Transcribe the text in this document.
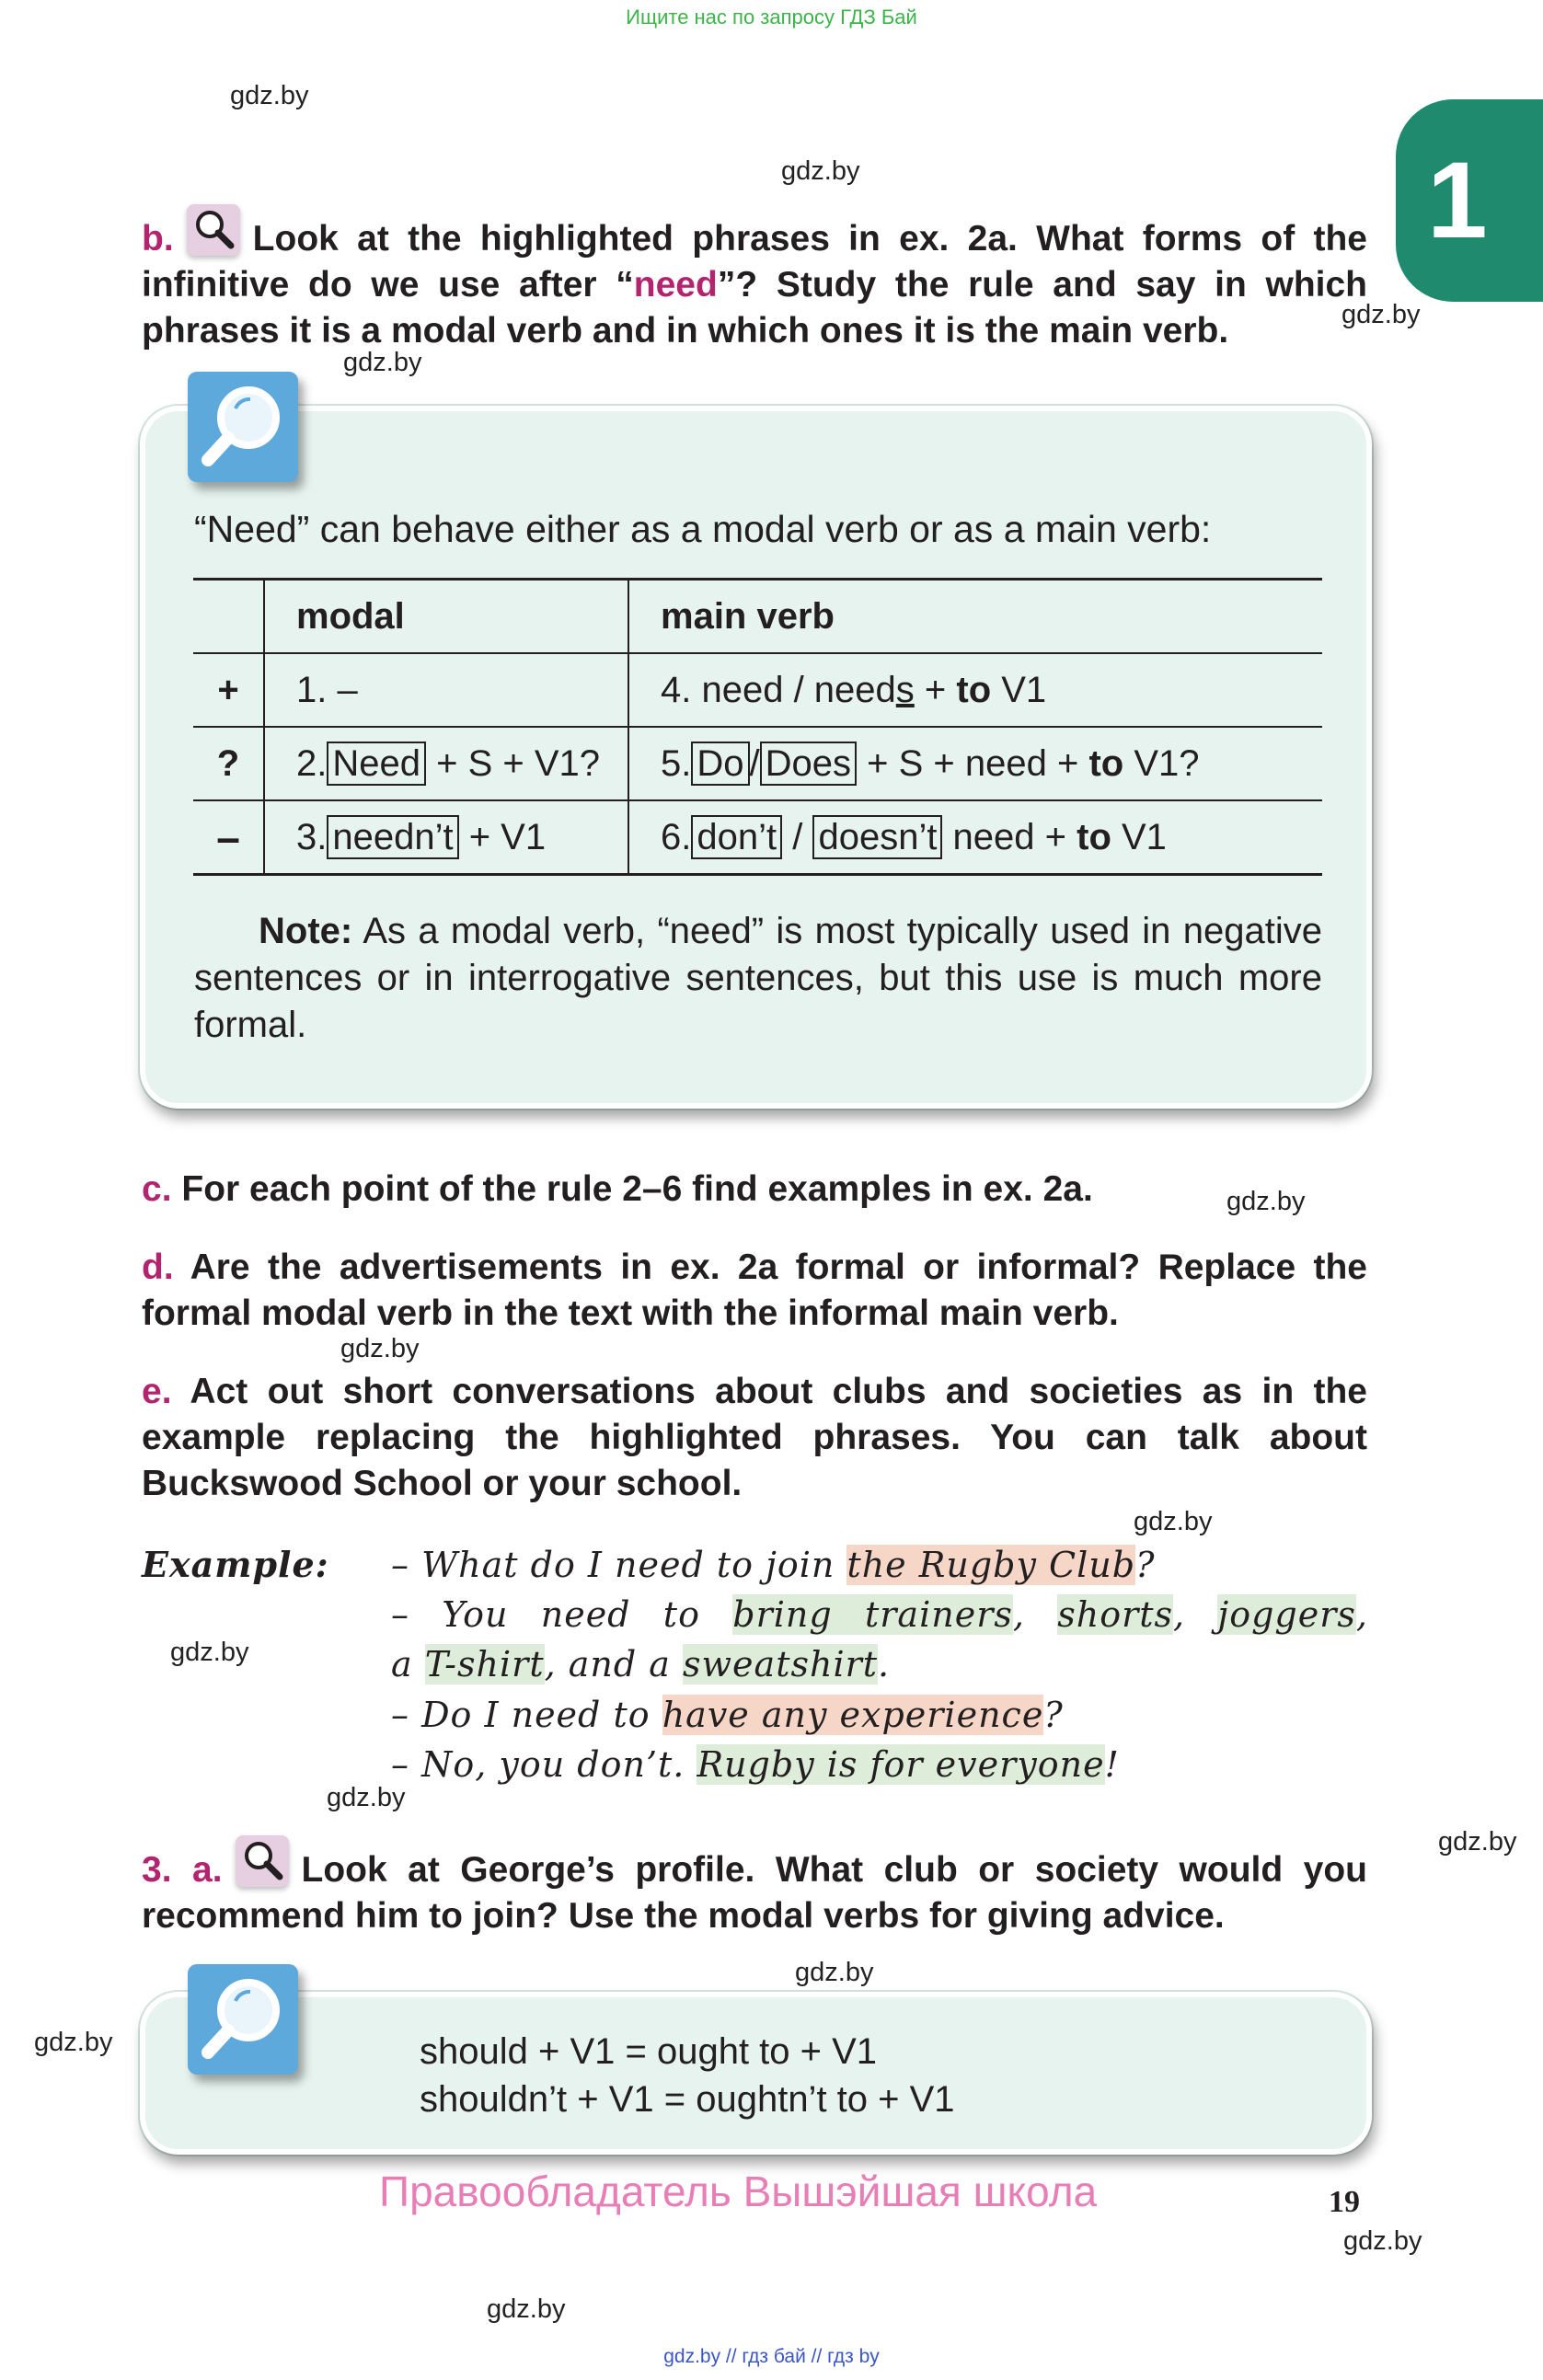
Ищите нас по запросу ГДЗ Бай
gdz.by
gdz.by
gdz.by
gdz.by
gdz.by
gdz.by
gdz.by
gdz.by
gdz.by
gdz.by
gdz.by
gdz.by
gdz.by
gdz.by
1
b. Look at the highlighted phrases in ex. 2a. What forms of the infinitive do we use after “need”? Study the rule and say in which phrases it is a modal verb and in which ones it is the main verb.
“Need” can behave either as a modal verb or as a main verb:
	modal	main verb
+	1. –	4. need / needs + to V1
?	2. Need + S + V1?	5. Do / Does + S + need + to V1?
–	3. needn’t + V1	6. don’t / doesn’t need + to V1
Note: As a modal verb, “need” is most typically used in negative sentences or in interrogative sentences, but this use is much more formal.
c. For each point of the rule 2–6 find examples in ex. 2a.
d. Are the advertisements in ex. 2a formal or informal? Replace the formal modal verb in the text with the informal main verb.
e. Act out short conversations about clubs and societies as in the example replacing the highlighted phrases. You can talk about Buckswood School or your school.
Example: – What do I need to join the Rugby Club?
– You need to bring trainers, shorts, joggers,
a T-shirt, and a sweatshirt.
– Do I need to have any experience?
– No, you don’t. Rugby is for everyone!
3. a. Look at George’s profile. What club or society would you recommend him to join? Use the modal verbs for giving advice.
should + V1 = ought to + V1
shouldn’t + V1 = oughtn’t to + V1
Правообладатель Вышэйшая школа	19
gdz.by // гдз бай // гдз by
